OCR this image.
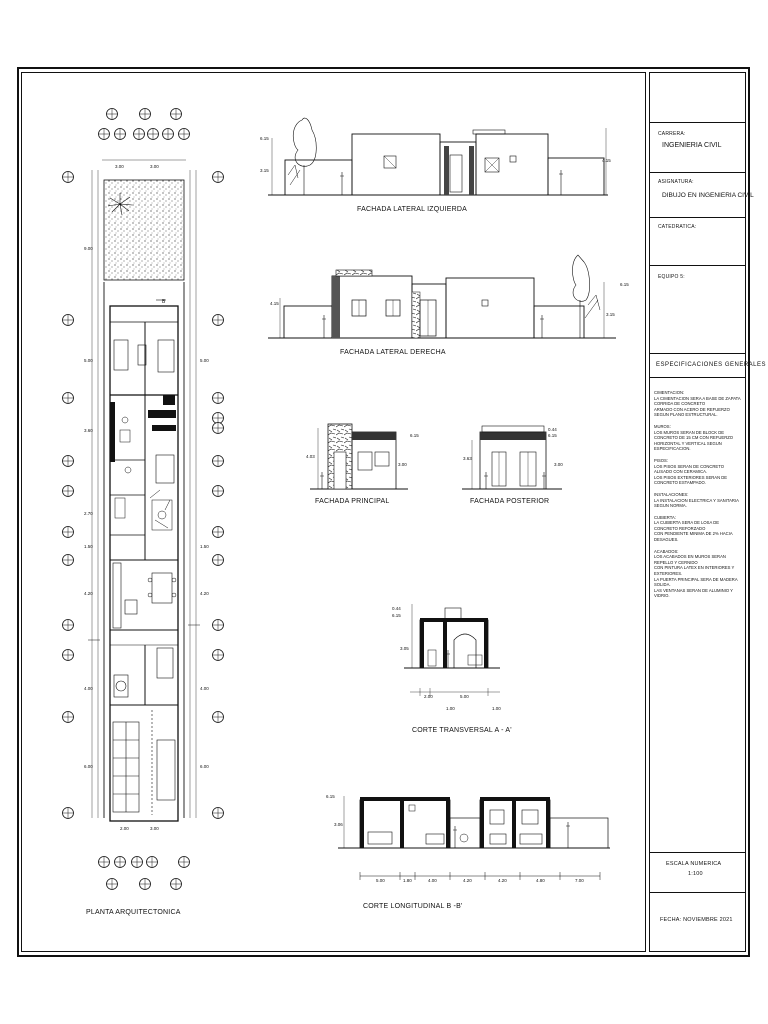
B
9.00
5.00
3.60
2.70
1.50
4.20
4.00
6.00
5.00
1.50
4.20
4.00
6.00
3.00	3.00
2.00	3.00
6.15
3.15
4.15
4.15
6.15
3.15
6.15
4.03
3.00
0.44
6.15
3.63
3.00
0.44
6.15
3.05
2.00	5.00
1.00	1.00
6.15
3.06
5.00	1.80	4.00	4.20	4.20	4.80	7.00
FACHADA LATERAL IZQUIERDA
FACHADA LATERAL DERECHA
FACHADA PRINCIPAL	FACHADA POSTERIOR
CORTE TRANSVERSAL A - A'
CORTE LONGITUDINAL B -B'
PLANTA ARQUITECTONICA
CARRERA:
INGENIERIA CIVIL
ASIGNATURA:
DIBUJO EN INGENIERIA CIVIL
CATEDRATICA:
EQUIPO 5:
ESPECIFICACIONES GENERALES
CIMENTACION:
LA CIMENTACION SERA A BASE DE ZAPATA CORRIDA DE CONCRETO
ARMADO CON ACERO DE REFUERZO SEGUN PLANO ESTRUCTURAL.
MUROS:
LOS MUROS SERAN DE BLOCK DE CONCRETO DE 15 CM CON REFUERZO
HORIZONTAL Y VERTICAL SEGUN ESPECIFICACION.
PISOS:
LOS PISOS SERAN DE CONCRETO ALISADO CON CERAMICA.
LOS PISOS EXTERIORES SERAN DE CONCRETO ESTAMPADO.
INSTALACIONES:
LA INSTALACION ELECTRICA Y SANITARIA SEGUN NORMA.
CUBIERTA:
LA CUBIERTA SERA DE LOSA DE CONCRETO REFORZADO
CON PENDIENTE MINIMA DE 2% HACIA DESAGUES.
ACABADOS:
LOS ACABADOS EN MUROS SERAN REPELLO Y CERNIDO
CON PINTURA LATEX EN INTERIORES Y EXTERIORES.
LA PUERTA PRINCIPAL SERA DE MADERA SOLIDA.
LAS VENTANAS SERAN DE ALUMINIO Y VIDRIO.
ESCALA NUMERICA
1:100
FECHA: NOVIEMBRE 2021
